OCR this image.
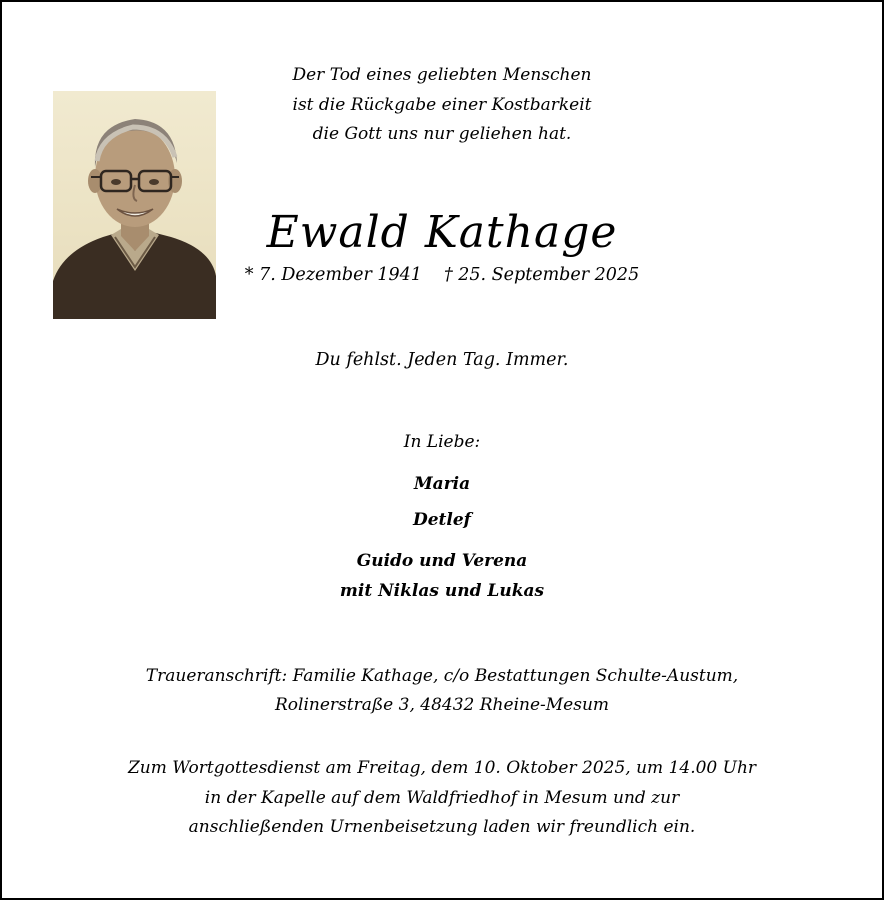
Der Tod eines geliebten Menschen
ist die Rückgabe einer Kostbarkeit
die Gott uns nur geliehen hat.
Ewald Kathage
* 7. Dezember 1941 † 25. September 2025
Du fehlst. Jeden Tag. Immer.
In Liebe:
Maria
Detlef
Guido und Verena
mit Niklas und Lukas
Traueranschrift: Familie Kathage, c/o Bestattungen Schulte-Austum,
Rolinerstraße 3, 48432 Rheine-Mesum
Zum Wortgottesdienst am Freitag, dem 10. Oktober 2025, um 14.00 Uhr
in der Kapelle auf dem Waldfriedhof in Mesum und zur
anschließenden Urnenbeisetzung laden wir freundlich ein.
